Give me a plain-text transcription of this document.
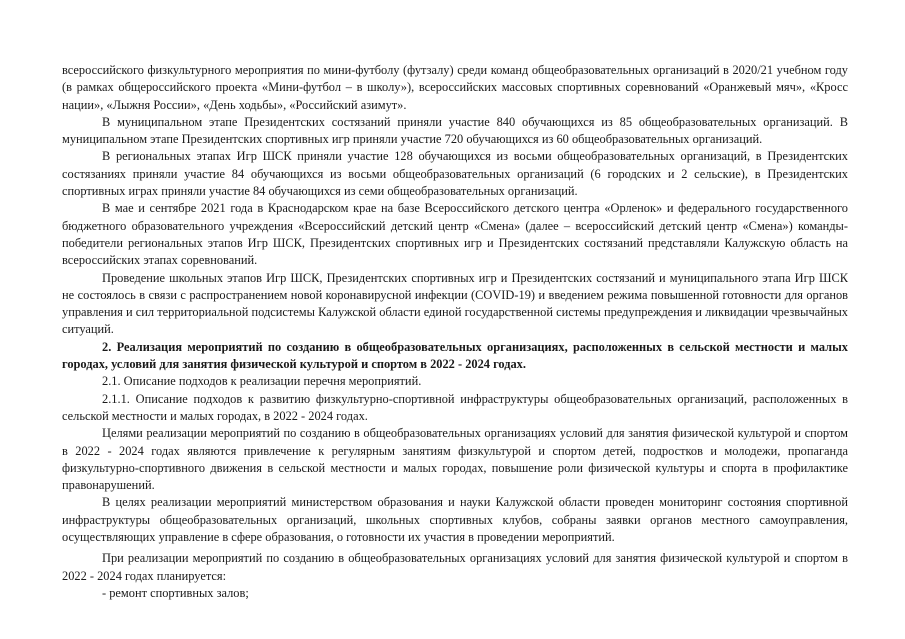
всероссийского физкультурного мероприятия по мини-футболу (футзалу) среди команд общеобразовательных организаций в 2020/21 учебном году (в рамках общероссийского проекта «Мини-футбол – в школу»), всероссийских массовых спортивных соревнований «Оранжевый мяч», «Кросс нации», «Лыжня России», «День ходьбы», «Российский азимут».

В муниципальном этапе Президентских состязаний приняли участие 840 обучающихся из 85 общеобразовательных организаций. В муниципальном этапе Президентских спортивных игр приняли участие 720 обучающихся из 60 общеобразовательных организаций.

В региональных этапах Игр ШСК приняли участие 128 обучающихся из восьми общеобразовательных организаций, в Президентских состязаниях приняли участие 84 обучающихся из восьми общеобразовательных организаций (6 городских и 2 сельские), в Президентских спортивных играх приняли участие 84 обучающихся из семи общеобразовательных организаций.

В мае и сентябре 2021 года в Краснодарском крае на базе Всероссийского детского центра «Орленок» и федерального государственного бюджетного образовательного учреждения «Всероссийский детский центр «Смена» (далее – всероссийский детский центр «Смена») команды-победители региональных этапов Игр ШСК, Президентских спортивных игр и Президентских состязаний представляли Калужскую область на всероссийских этапах соревнований.

Проведение школьных этапов Игр ШСК, Президентских спортивных игр и Президентских состязаний и муниципального этапа Игр ШСК не состоялось в связи с распространением новой коронавирусной инфекции (COVID-19) и введением режима повышенной готовности для органов управления и сил территориальной подсистемы Калужской области единой государственной системы предупреждения и ликвидации чрезвычайных ситуаций.

2. Реализация мероприятий по созданию в общеобразовательных организациях, расположенных в сельской местности и малых городах, условий для занятия физической культурой и спортом в 2022 - 2024 годах.

2.1. Описание подходов к реализации перечня мероприятий.

2.1.1. Описание подходов к развитию физкультурно-спортивной инфраструктуры общеобразовательных организаций, расположенных в сельской местности и малых городах, в 2022 - 2024 годах.

Целями реализации мероприятий по созданию в общеобразовательных организациях условий для занятия физической культурой и спортом в 2022 - 2024 годах являются привлечение к регулярным занятиям физкультурой и спортом детей, подростков и молодежи, пропаганда физкультурно-спортивного движения в сельской местности и малых городах, повышение роли физической культуры и спорта в профилактике правонарушений.

В целях реализации мероприятий министерством образования и науки Калужской области проведен мониторинг состояния спортивной инфраструктуры общеобразовательных организаций, школьных спортивных клубов, собраны заявки органов местного самоуправления, осуществляющих управление в сфере образования, о готовности их участия в проведении мероприятий.

При реализации мероприятий по созданию в общеобразовательных организациях условий для занятия физической культурой и спортом в 2022 - 2024 годах планируется:

- ремонт спортивных залов;
